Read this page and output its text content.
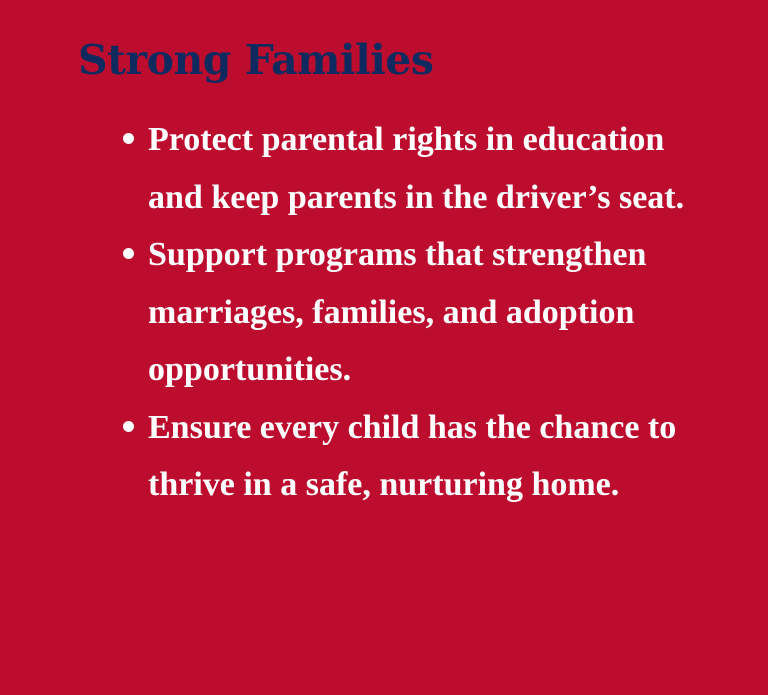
Strong Families
Protect parental rights in education and keep parents in the driver’s seat.
Support programs that strengthen marriages, families, and adoption opportunities.
Ensure every child has the chance to thrive in a safe, nurturing home.
